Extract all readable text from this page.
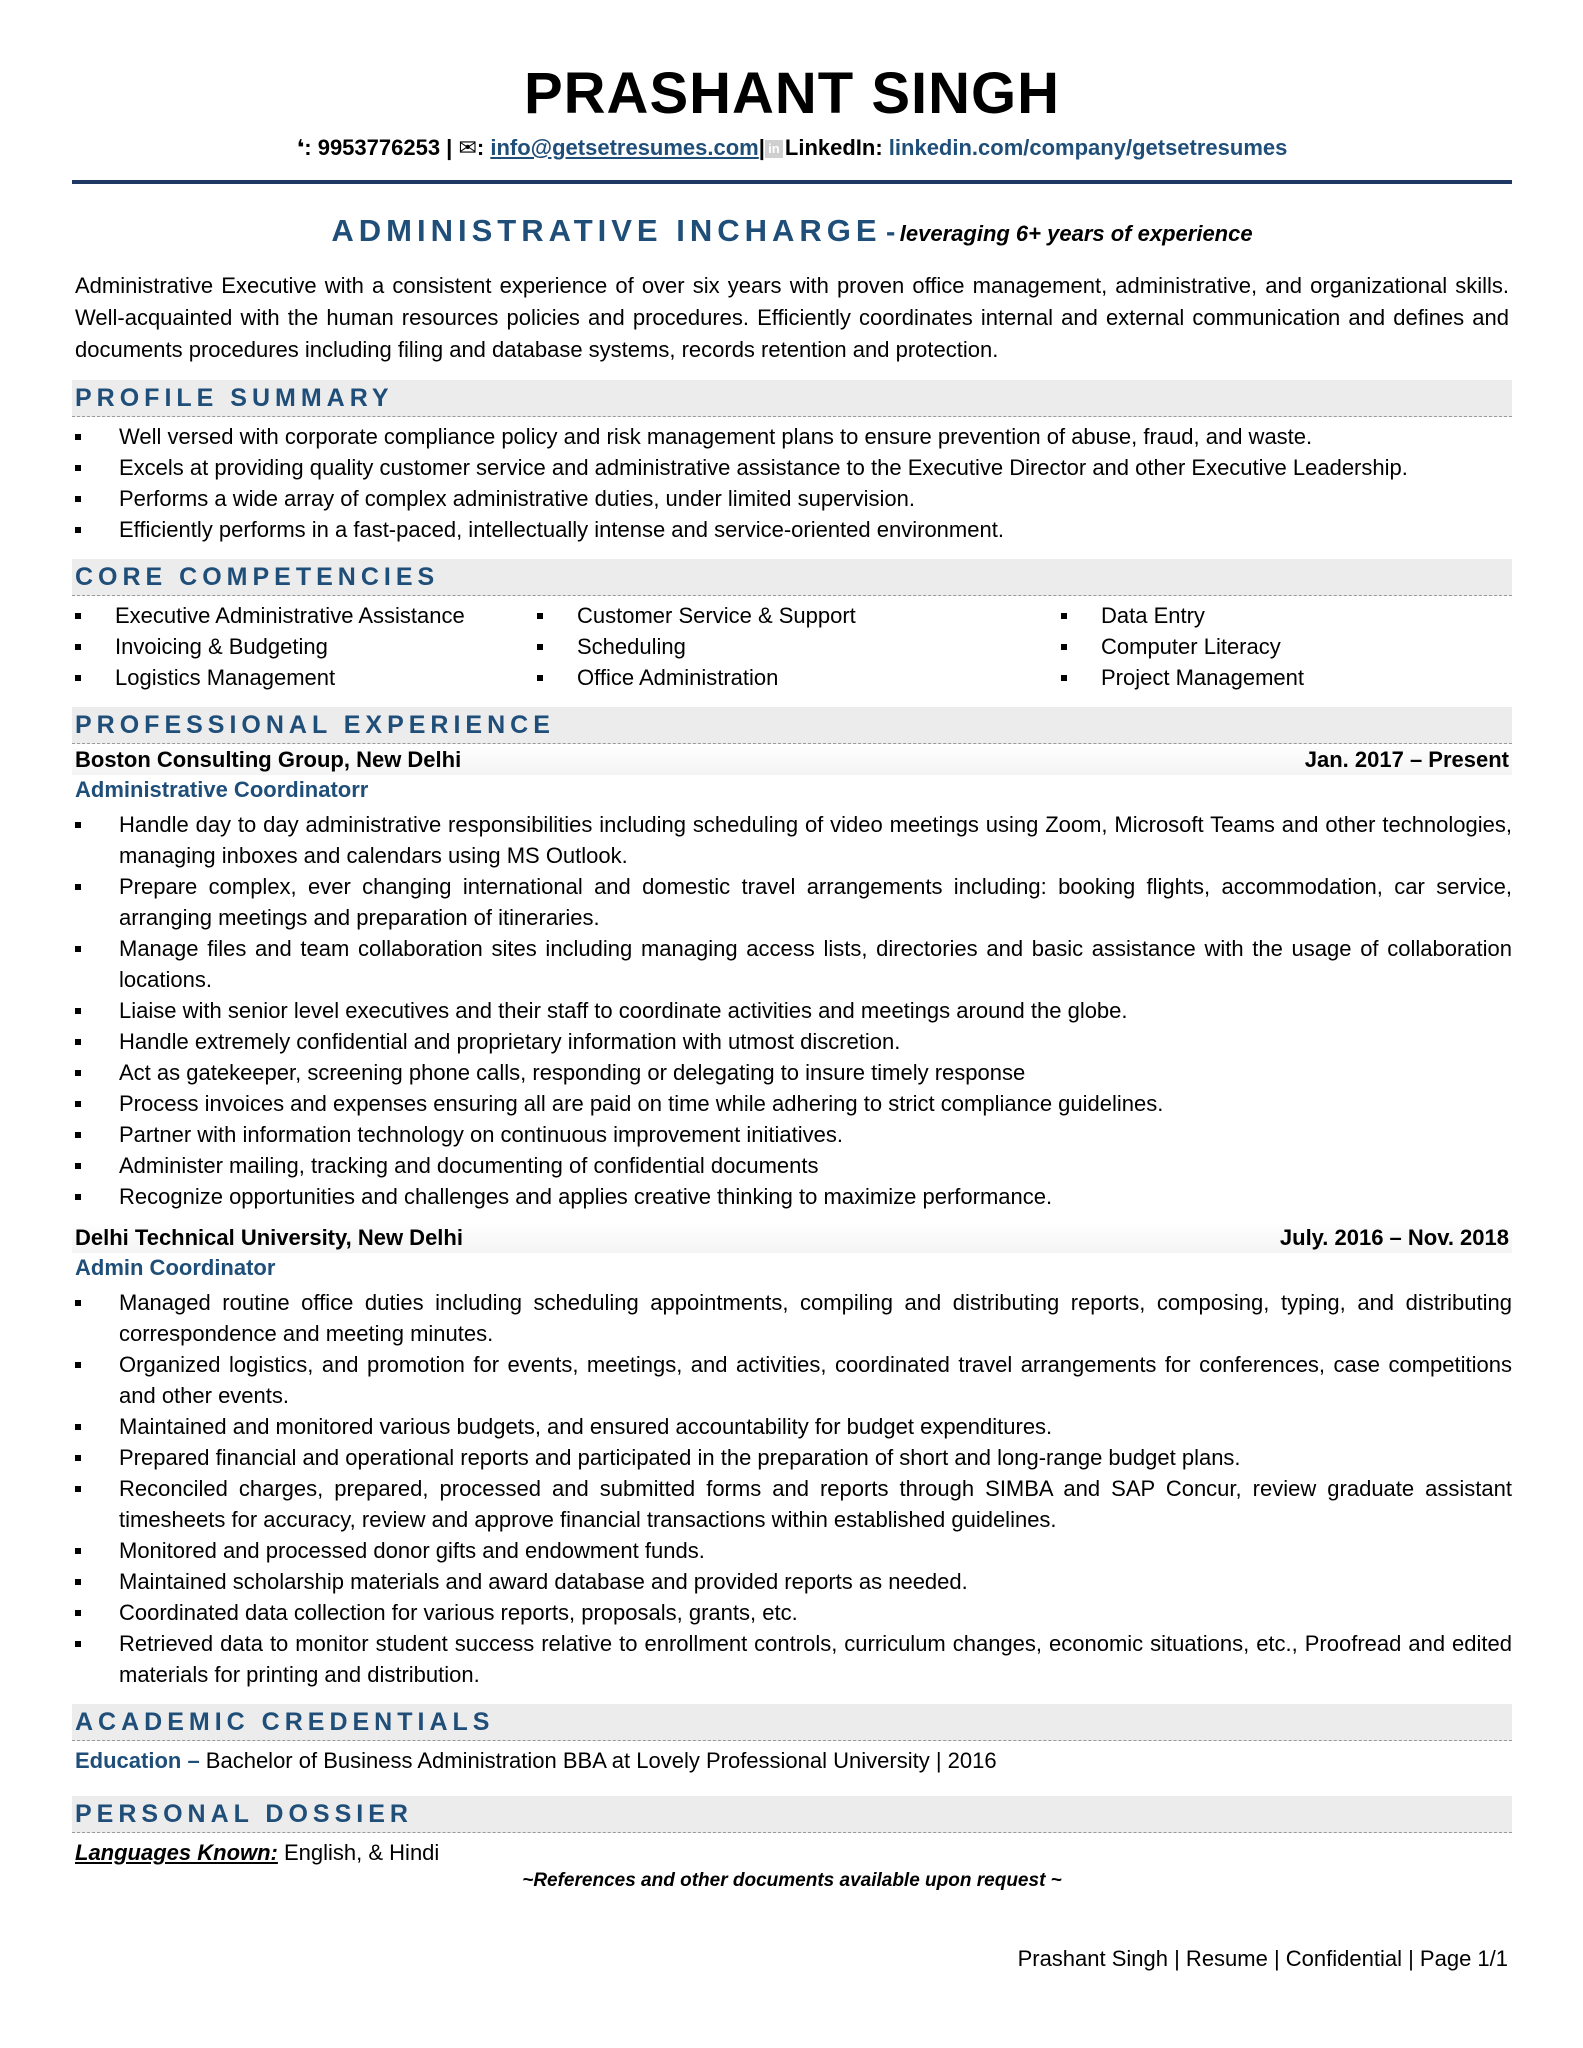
PRASHANT SINGH
❛: 9953776253 | ✉: info@getsetresumes.com| in LinkedIn: linkedin.com/company/getsetresumes
ADMINISTRATIVE INCHARGE - leveraging 6+ years of experience
Administrative Executive with a consistent experience of over six years with proven office management, administrative, and organizational skills. Well-acquainted with the human resources policies and procedures. Efficiently coordinates internal and external communication and defines and documents procedures including filing and database systems, records retention and protection.
PROFILE SUMMARY
Well versed with corporate compliance policy and risk management plans to ensure prevention of abuse, fraud, and waste.
Excels at providing quality customer service and administrative assistance to the Executive Director and other Executive Leadership.
Performs a wide array of complex administrative duties, under limited supervision.
Efficiently performs in a fast-paced, intellectually intense and service-oriented environment.
CORE COMPETENCIES
Executive Administrative Assistance
Invoicing & Budgeting
Logistics Management
Customer Service & Support
Scheduling
Office Administration
Data Entry
Computer Literacy
Project Management
PROFESSIONAL EXPERIENCE
Boston Consulting Group, New Delhi	Jan. 2017 – Present
Administrative Coordinatorr
Handle day to day administrative responsibilities including scheduling of video meetings using Zoom, Microsoft Teams and other technologies, managing inboxes and calendars using MS Outlook.
Prepare complex, ever changing international and domestic travel arrangements including: booking flights, accommodation, car service, arranging meetings and preparation of itineraries.
Manage files and team collaboration sites including managing access lists, directories and basic assistance with the usage of collaboration locations.
Liaise with senior level executives and their staff to coordinate activities and meetings around the globe.
Handle extremely confidential and proprietary information with utmost discretion.
Act as gatekeeper, screening phone calls, responding or delegating to insure timely response
Process invoices and expenses ensuring all are paid on time while adhering to strict compliance guidelines.
Partner with information technology on continuous improvement initiatives.
Administer mailing, tracking and documenting of confidential documents
Recognize opportunities and challenges and applies creative thinking to maximize performance.
Delhi Technical University, New Delhi	July. 2016 – Nov. 2018
Admin Coordinator
Managed routine office duties including scheduling appointments, compiling and distributing reports, composing, typing, and distributing correspondence and meeting minutes.
Organized logistics, and promotion for events, meetings, and activities, coordinated travel arrangements for conferences, case competitions and other events.
Maintained and monitored various budgets, and ensured accountability for budget expenditures.
Prepared financial and operational reports and participated in the preparation of short and long-range budget plans.
Reconciled charges, prepared, processed and submitted forms and reports through SIMBA and SAP Concur, review graduate assistant timesheets for accuracy, review and approve financial transactions within established guidelines.
Monitored and processed donor gifts and endowment funds.
Maintained scholarship materials and award database and provided reports as needed.
Coordinated data collection for various reports, proposals, grants, etc.
Retrieved data to monitor student success relative to enrollment controls, curriculum changes, economic situations, etc., Proofread and edited materials for printing and distribution.
ACADEMIC CREDENTIALS
Education – Bachelor of Business Administration BBA at Lovely Professional University | 2016
PERSONAL DOSSIER
Languages Known: English, & Hindi
~References and other documents available upon request ~
Prashant Singh | Resume | Confidential | Page 1/1
